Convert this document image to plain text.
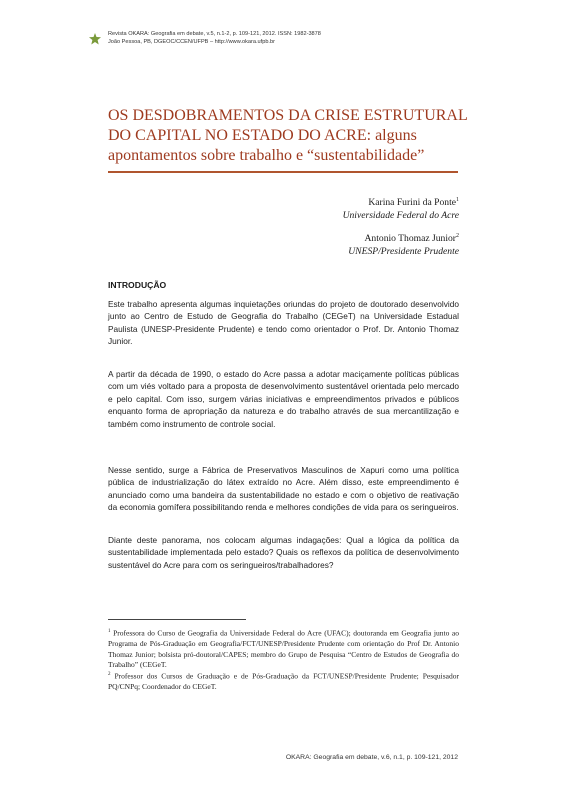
Revista OKARA: Geografia em debate, v.5, n.1-2, p. 109-121, 2012. ISSN: 1982-3878
João Pessoa, PB, DGEOC/CCEN/UFPB – http://www.okara.ufpb.br
OS DESDOBRAMENTOS DA CRISE ESTRUTURAL DO CAPITAL NO ESTADO DO ACRE: alguns apontamentos sobre trabalho e “sustentabilidade”
Karina Furini da Ponte$^1$
Universidade Federal do Acre
Antonio Thomaz Junior$^2$
UNESP/Presidente Prudente
INTRODUÇÃO

Este trabalho apresenta algumas inquietações oriundas do projeto de doutorado desenvolvido junto ao Centro de Estudo de Geografia do Trabalho (CEGeT) na Universidade Estadual Paulista (UNESP-Presidente Prudente) e tendo como orientador o Prof. Dr. Antonio Thomaz Junior.

A partir da década de 1990, o estado do Acre passa a adotar maciçamente políticas públicas com um viés voltado para a proposta de desenvolvimento sustentável orientada pelo mercado e pelo capital. Com isso, surgem várias iniciativas e empreendimentos privados e públicos enquanto forma de apropriação da natureza e do trabalho através de sua mercantilização e também como instrumento de controle social.

Nesse sentido, surge a Fábrica de Preservativos Masculinos de Xapuri como uma política pública de industrialização do látex extraído no Acre. Além disso, este empreendimento é anunciado como uma bandeira da sustentabilidade no estado e com o objetivo de reativação da economia gomífera possibilitando renda e melhores condições de vida para os seringueiros.

Diante deste panorama, nos colocam algumas indagações: Qual a lógica da política da sustentabilidade implementada pelo estado? Quais os reflexos da política de desenvolvimento sustentável do Acre para com os seringueiros/trabalhadores?

$^1$ Professora do Curso de Geografia da Universidade Federal do Acre (UFAC); doutoranda em Geografia junto ao Programa de Pós-Graduação em Geografia/FCT/UNESP/Presidente Prudente com orientação do Prof Dr. Antonio Thomaz Junior; bolsista pró-doutoral/CAPES; membro do Grupo de Pesquisa “Centro de Estudos de Geografia do Trabalho” (CEGeT.
$^2$ Professor dos Cursos de Graduação e de Pós-Graduação da FCT/UNESP/Presidente Prudente; Pesquisador PQ/CNPq; Coordenador do CEGeT.
OKARA: Geografia em debate, v.6, n.1, p. 109-121, 2012
